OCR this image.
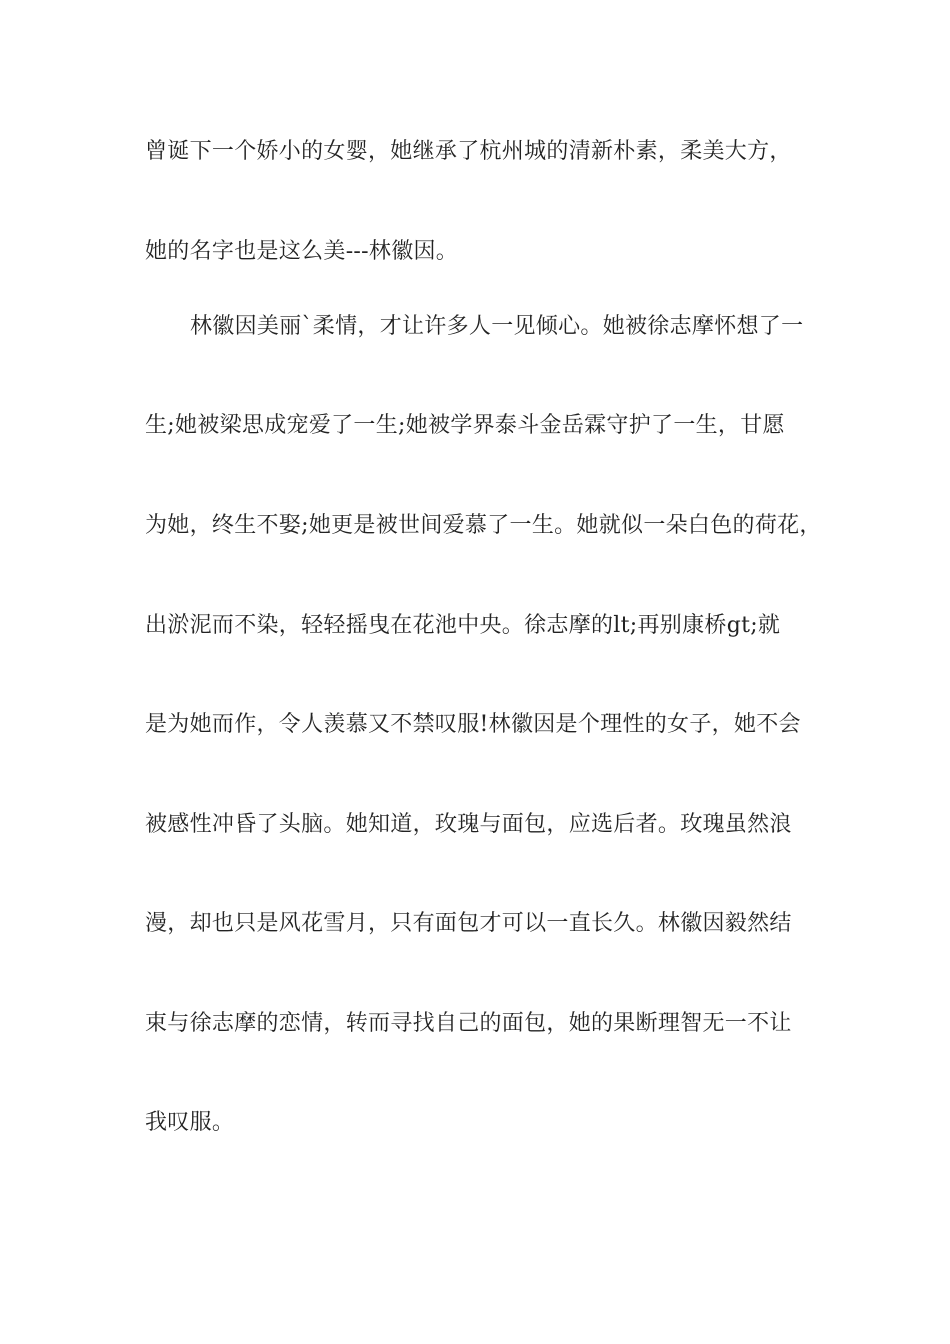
曾诞下一个娇小的女婴，她继承了杭州城的清新朴素，柔美大方，
她的名字也是这么美---林徽因。
林徽因美丽`柔情，才让许多人一见倾心。她被徐志摩怀想了一
生;她被梁思成宠爱了一生;她被学界泰斗金岳霖守护了一生，甘愿
为她，终生不娶;她更是被世间爱慕了一生。她就似一朵白色的荷花，
出淤泥而不染，轻轻摇曳在花池中央。徐志摩的lt;再别康桥gt;就
是为她而作，令人羡慕又不禁叹服!林徽因是个理性的女子，她不会
被感性冲昏了头脑。她知道，玫瑰与面包，应选后者。玫瑰虽然浪
漫，却也只是风花雪月，只有面包才可以一直长久。林徽因毅然结
束与徐志摩的恋情，转而寻找自己的面包，她的果断理智无一不让
我叹服。
